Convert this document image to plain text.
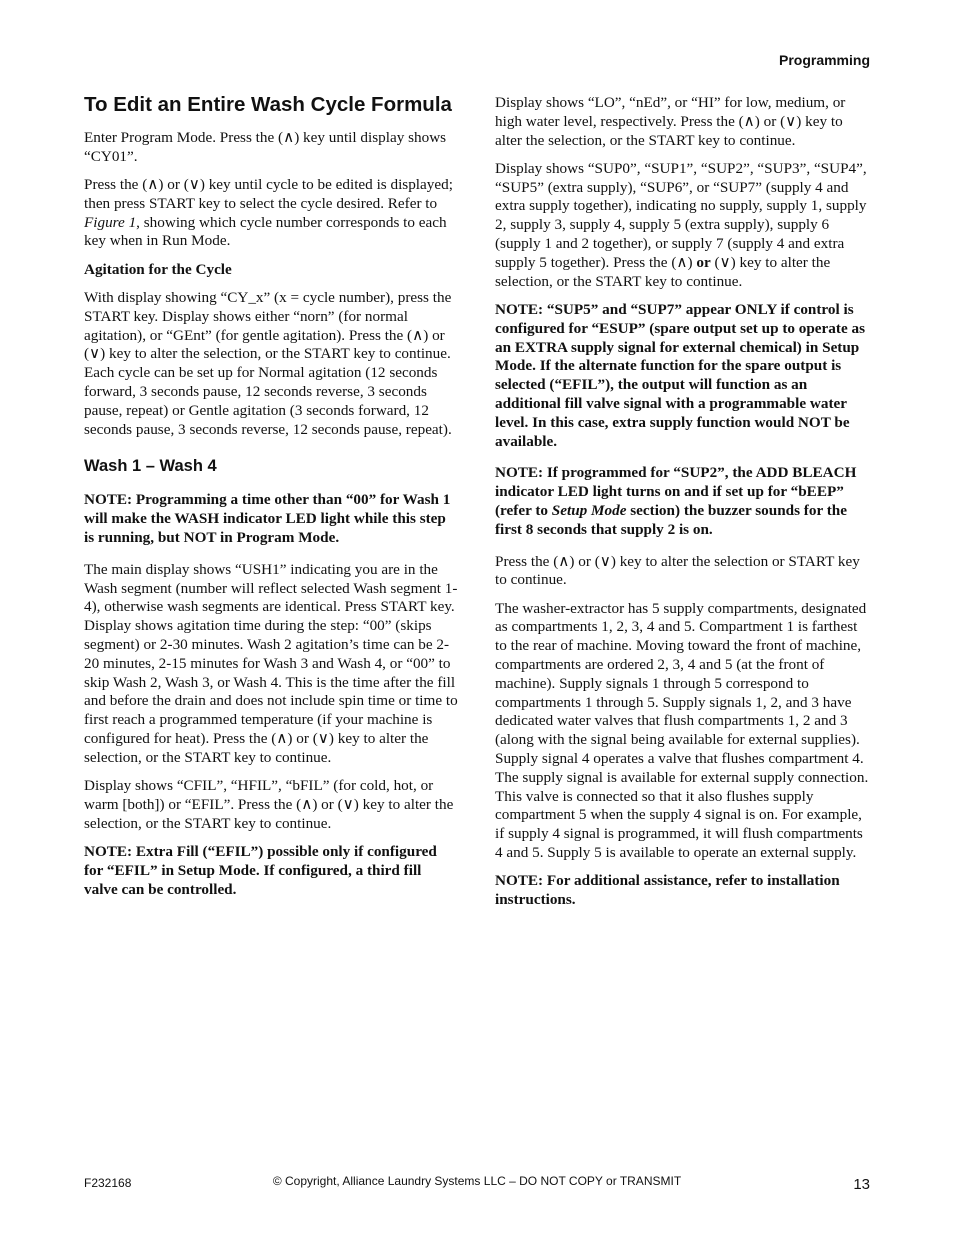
Programming
To Edit an Entire Wash Cycle Formula

Enter Program Mode. Press the (∧) key until display shows “CY01”.

Press the (∧) or (∨) key until cycle to be edited is displayed; then press START key to select the cycle desired. Refer to Figure 1, showing which cycle number corresponds to each key when in Run Mode.

Agitation for the Cycle

With display showing “CY_x” (x = cycle number), press the START key. Display shows either “norn” (for normal agitation), or “GEnt” (for gentle agitation). Press the (∧) or (∨) key to alter the selection, or the START key to continue. Each cycle can be set up for Normal agitation (12 seconds forward, 3 seconds pause, 12 seconds reverse, 3 seconds pause, repeat) or Gentle agitation (3 seconds forward, 12 seconds pause, 3 seconds reverse, 12 seconds pause, repeat).

Wash 1 – Wash 4

NOTE: Programming a time other than “00” for Wash 1 will make the WASH indicator LED light while this step is running, but NOT in Program Mode.

The main display shows “USH1” indicating you are in the Wash segment (number will reflect selected Wash segment 1-4), otherwise wash segments are identical. Press START key. Display shows agitation time during the step: “00” (skips segment) or 2-30 minutes. Wash 2 agitation’s time can be 2-20 minutes, 2-15 minutes for Wash 3 and Wash 4, or “00” to skip Wash 2, Wash 3, or Wash 4. This is the time after the fill and before the drain and does not include spin time or time to first reach a programmed temperature (if your machine is configured for heat). Press the (∧) or (∨) key to alter the selection, or the START key to continue.

Display shows “CFIL”, “HFIL”, “bFIL” (for cold, hot, or warm [both]) or “EFIL”. Press the (∧) or (∨) key to alter the selection, or the START key to continue.

NOTE: Extra Fill (“EFIL”) possible only if configured for “EFIL” in Setup Mode. If configured, a third fill valve can be controlled.

Display shows “LO”, “nEd”, or “HI” for low, medium, or high water level, respectively. Press the (∧) or (∨) key to alter the selection, or the START key to continue.

Display shows “SUP0”, “SUP1”, “SUP2”, “SUP3”, “SUP4”, “SUP5” (extra supply), “SUP6”, or “SUP7” (supply 4 and extra supply together), indicating no supply, supply 1, supply 2, supply 3, supply 4, supply 5 (extra supply), supply 6 (supply 1 and 2 together), or supply 7 (supply 4 and extra supply 5 together). Press the (∧) or (∨) key to alter the selection, or the START key to continue.

NOTE: “SUP5” and “SUP7” appear ONLY if control is configured for “ESUP” (spare output set up to operate as an EXTRA supply signal for external chemical) in Setup Mode. If the alternate function for the spare output is selected (“EFIL”), the output will function as an additional fill valve signal with a programmable water level. In this case, extra supply function would NOT be available.

NOTE: If programmed for “SUP2”, the ADD BLEACH indicator LED light turns on and if set up for “bEEP” (refer to Setup Mode section) the buzzer sounds for the first 8 seconds that supply 2 is on.

Press the (∧) or (∨) key to alter the selection or START key to continue.

The washer-extractor has 5 supply compartments, designated as compartments 1, 2, 3, 4 and 5. Compartment 1 is farthest to the rear of machine. Moving toward the front of machine, compartments are ordered 2, 3, 4 and 5 (at the front of machine). Supply signals 1 through 5 correspond to compartments 1 through 5. Supply signals 1, 2, and 3 have dedicated water valves that flush compartments 1, 2 and 3 (along with the signal being available for external supplies). Supply signal 4 operates a valve that flushes compartment 4. The supply signal is available for external supply connection. This valve is connected so that it also flushes supply compartment 5 when the supply 4 signal is on. For example, if supply 4 signal is programmed, it will flush compartments 4 and 5. Supply 5 is available to operate an external supply.

NOTE: For additional assistance, refer to installation instructions.

F232168	© Copyright, Alliance Laundry Systems LLC – DO NOT COPY or TRANSMIT	13
